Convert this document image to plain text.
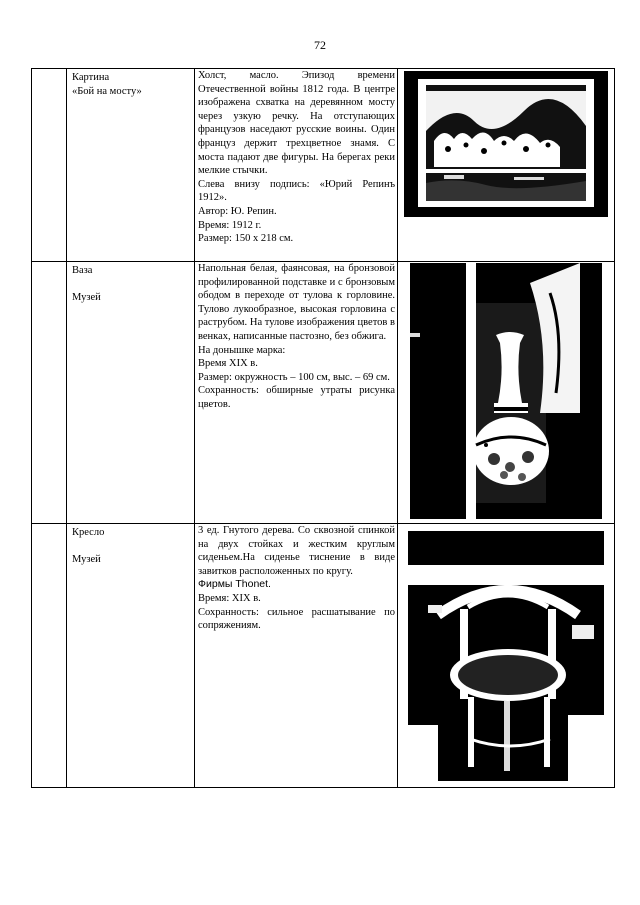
72

	Картина
«Бой на мосту»	Холст, масло. Эпизод времени Отечественной войны 1812 года. В центре изображена схватка на деревянном мосту через узкую речку. На отступающих французов наседают русские воины. Один француз держит трехцветное знамя. С моста падают две фигуры. На берегах реки мелкие стычки.
Слева внизу подпись: «Юрий Репинъ 1912».
Автор: Ю. Репин.
Время: 1912 г.
Размер: 150 х 218 см.

	Ваза
Музей	Напольная белая, фаянсовая, на бронзовой профилированной подставке и с бронзовым ободом в переходе от тулова к горловине. Тулово лукообразное, высокая горловина с раструбом. На тулове изображения цветов в венках, написанные пастозно, без обжига.
На донышке марка:
Время XIX в.
Размер: окружность – 100 см, выс. – 69 см.
Сохранность: обширные утраты рисунка цветов.

	Кресло
Музей	3 ед. Гнутого дерева. Со сквозной спинкой на двух стойках и жестким круглым сиденьем.На сиденье тиснение в виде завитков расположенных по кругу.
Фирмы Thonet.
Время: XIX в.
Сохранность: сильное расшатывание по сопряжениям.
